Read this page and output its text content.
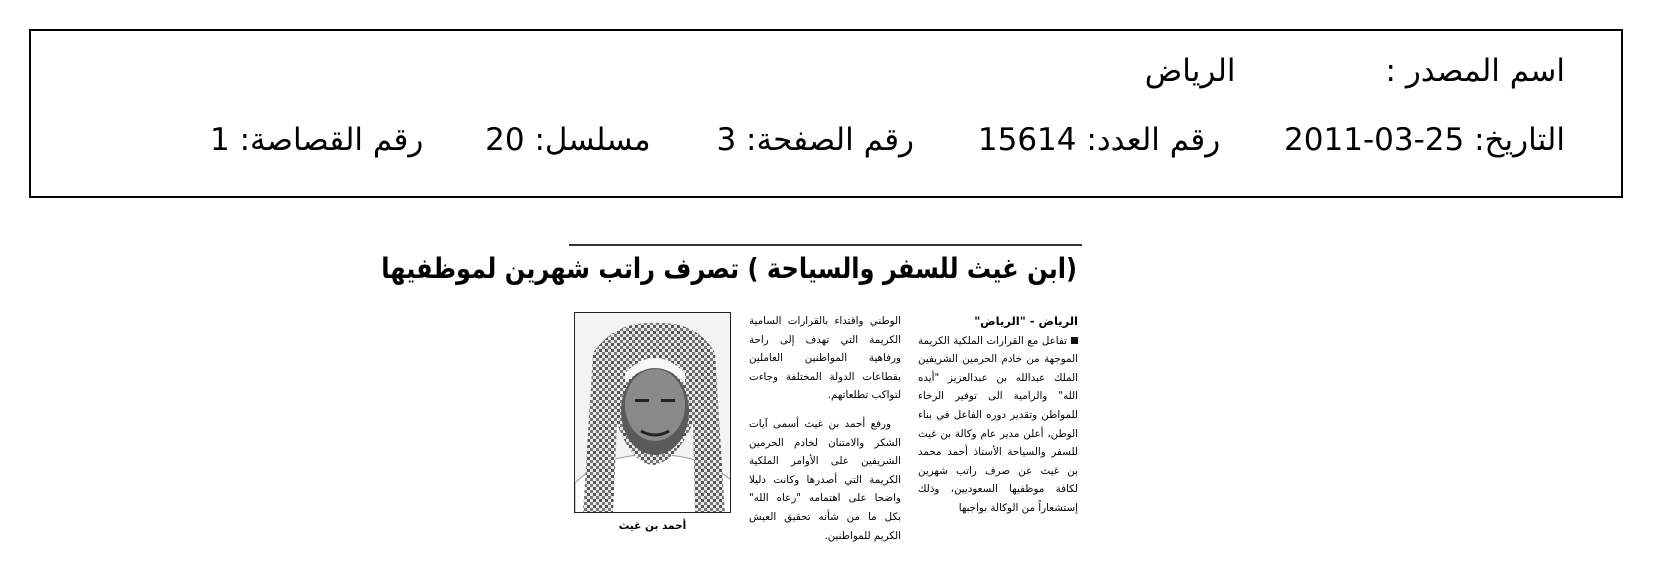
اسم المصدر :الرياض
التاريخ: 2011-03-25 رقم العدد: 15614 رقم الصفحة: 3 مسلسل: 20 رقم القصاصة: 1
(ابن غيث للسفر والسياحة ) تصرف راتب شهرين لموظفيها
الرياض - "الرياض"
تفاعل مع القرارات الملكية الكريمة الموجهة من خادم الحرمين الشريفين الملك عبدالله بن عبدالعزيز "أيده الله" والرامية الى توفير الرخاء للمواطن وتقدير دوره الفاعل في بناء الوطن، أعلن مدير عام وكالة بن غيث للسفر والسياحة الأستاذ أحمد محمد بن غيث عن صرف راتب شهرين لكافة موظفيها السعوديين، وذلك إستشعاراً من الوكالة بواجبها
الوطني واقتداء بالقرارات السامية الكريمة التي تهدف إلى راحة ورفاهية المواطنين العاملين بقطاعات الدولة المختلفة وجاءت لتواكب تطلعاتهم.
ورفع أحمد بن غيث أسمى آيات الشكر والامتنان لخادم الحرمين الشريفين على الأوامر الملكية الكريمة التي أصدرها وكانت دليلا واضحا على اهتمامه "رعاه الله" بكل ما من شأنه تحقيق العيش الكريم للمواطنين.
أحمد بن غيث
